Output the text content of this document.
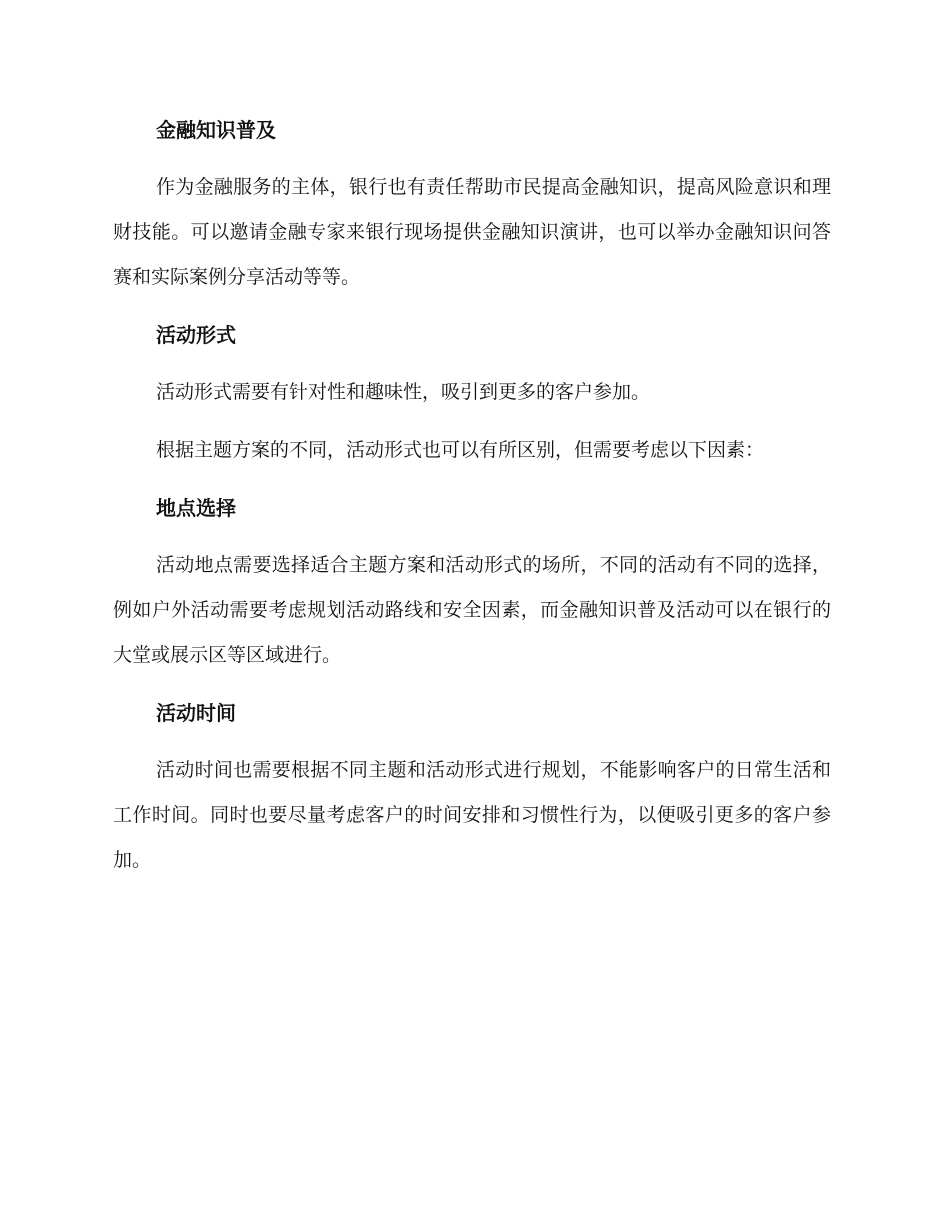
金融知识普及

作为金融服务的主体，银行也有责任帮助市民提高金融知识，提高风险意识和理财技能。可以邀请金融专家来银行现场提供金融知识演讲，也可以举办金融知识问答赛和实际案例分享活动等等。

活动形式

活动形式需要有针对性和趣味性，吸引到更多的客户参加。

根据主题方案的不同，活动形式也可以有所区别，但需要考虑以下因素：

地点选择

活动地点需要选择适合主题方案和活动形式的场所，不同的活动有不同的选择，例如户外活动需要考虑规划活动路线和安全因素，而金融知识普及活动可以在银行的大堂或展示区等区域进行。

活动时间

活动时间也需要根据不同主题和活动形式进行规划，不能影响客户的日常生活和工作时间。同时也要尽量考虑客户的时间安排和习惯性行为，以便吸引更多的客户参加。
